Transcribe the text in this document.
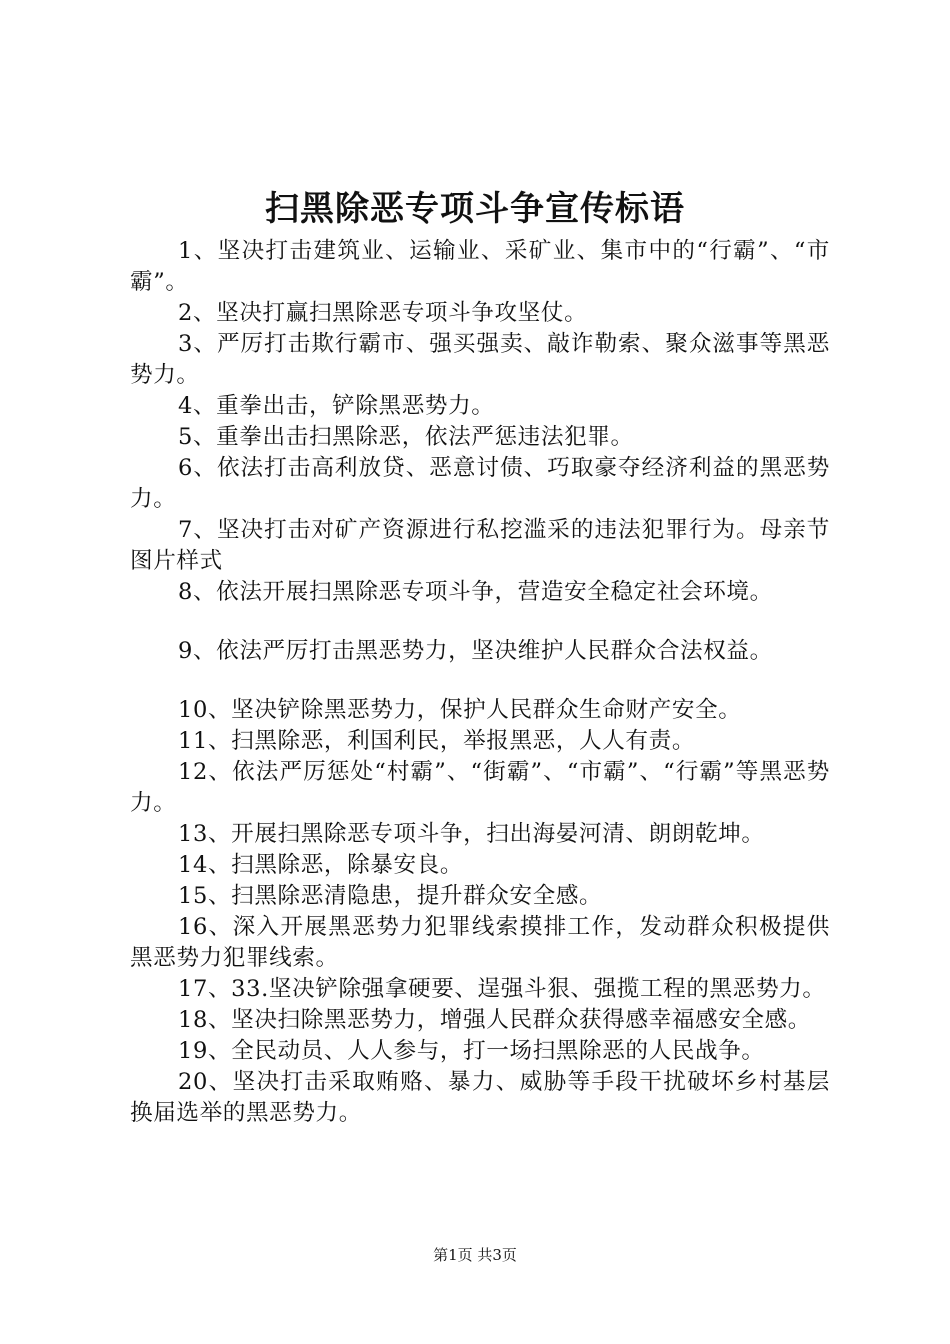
扫黑除恶专项斗争宣传标语

1、坚决打击建筑业、运输业、采矿业、集市中的“行霸”、“市霸”。

2、坚决打赢扫黑除恶专项斗争攻坚仗。

3、严厉打击欺行霸市、强买强卖、敲诈勒索、聚众滋事等黑恶势力。

4、重拳出击，铲除黑恶势力。

5、重拳出击扫黑除恶，依法严惩违法犯罪。

6、依法打击高利放贷、恶意讨债、巧取豪夺经济利益的黑恶势力。

7、坚决打击对矿产资源进行私挖滥采的违法犯罪行为。母亲节图片样式

8、依法开展扫黑除恶专项斗争，营造安全稳定社会环境。

9、依法严厉打击黑恶势力，坚决维护人民群众合法权益。

10、坚决铲除黑恶势力，保护人民群众生命财产安全。

11、扫黑除恶，利国利民，举报黑恶，人人有责。

12、依法严厉惩处“村霸”、“街霸”、“市霸”、“行霸”等黑恶势力。

13、开展扫黑除恶专项斗争，扫出海晏河清、朗朗乾坤。

14、扫黑除恶，除暴安良。

15、扫黑除恶清隐患，提升群众安全感。

16、深入开展黑恶势力犯罪线索摸排工作，发动群众积极提供黑恶势力犯罪线索。

17、33.坚决铲除强拿硬要、逞强斗狠、强揽工程的黑恶势力。

18、坚决扫除黑恶势力，增强人民群众获得感幸福感安全感。

19、全民动员、人人参与，打一场扫黑除恶的人民战争。

20、坚决打击采取贿赂、暴力、威胁等手段干扰破坏乡村基层换届选举的黑恶势力。

第1页 共3页
